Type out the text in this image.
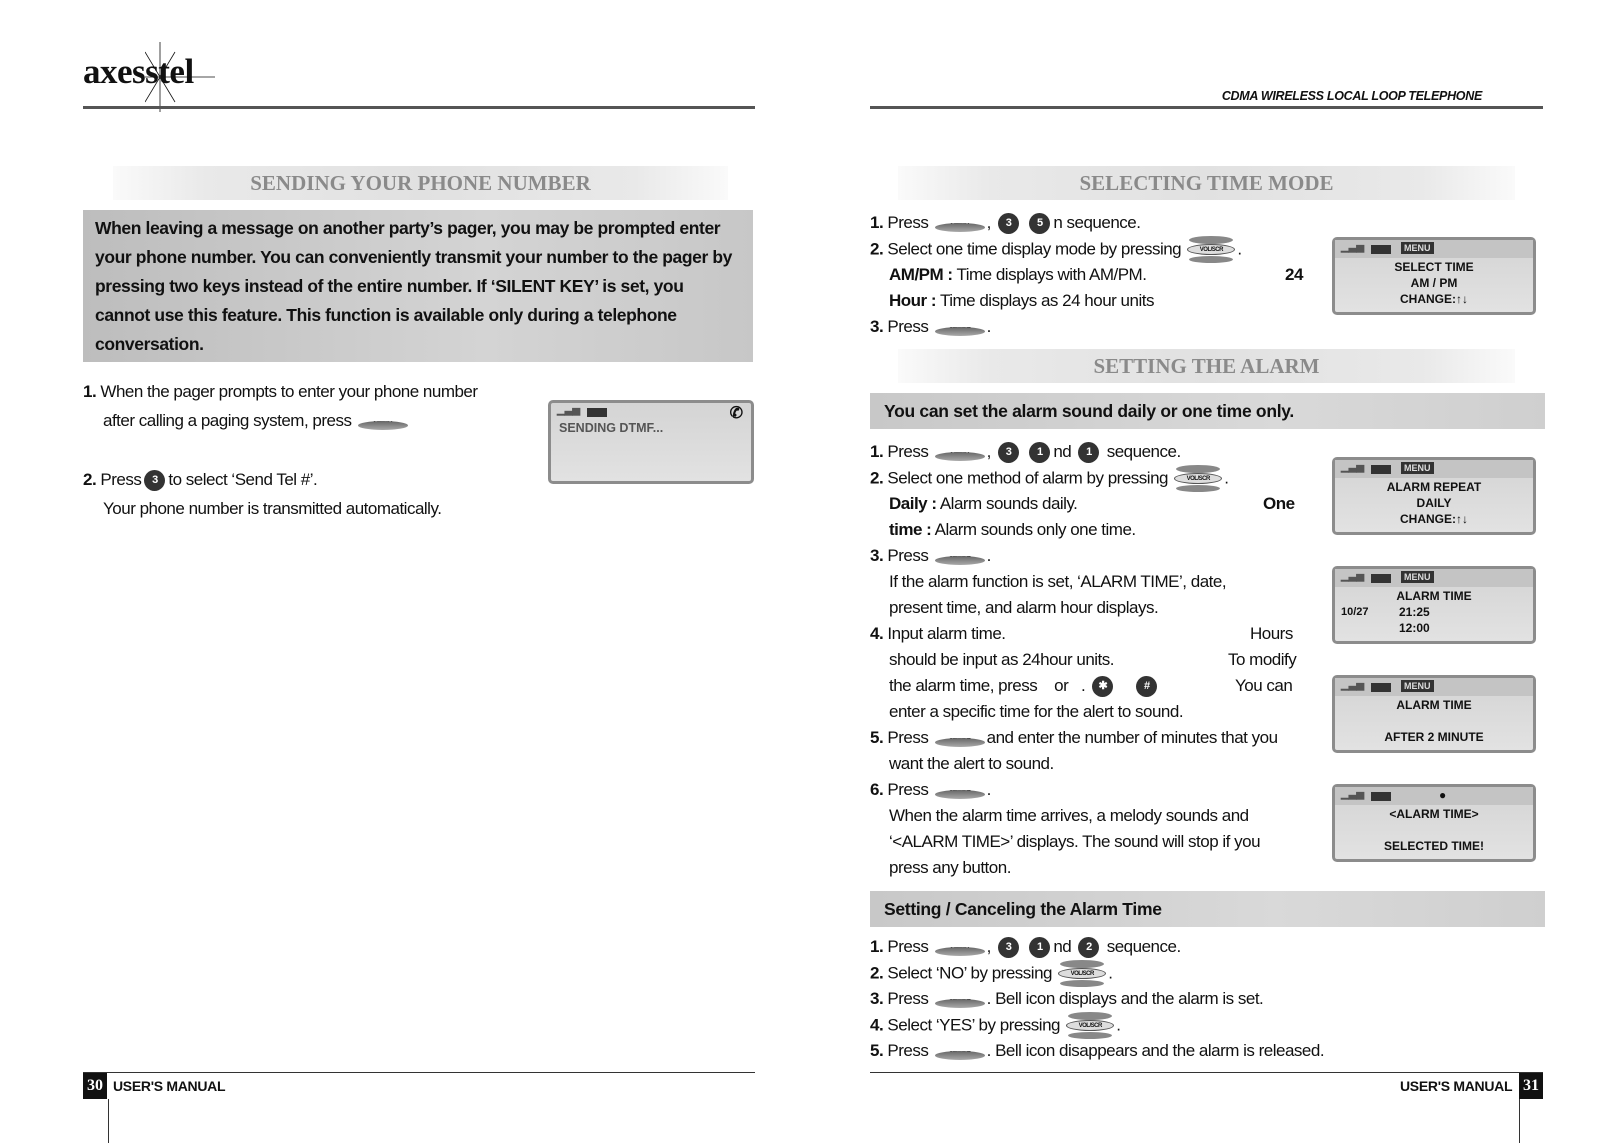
axesstel
SENDING YOUR PHONE NUMBER
When leaving a message on another party’s pager, you may be prompted enter your phone number. You can conveniently transmit your number to the pager by pressing two keys instead of the entire number. If ‘SILENT KEY’ is set, you cannot use this feature. This function is available only during a telephone conversation.
1. When the pager prompts to enter your phone number
after calling a paging system, press
2. Press 3 to select ‘Send Tel #’.
Your phone number is transmitted automatically.
▁▃▅	✆
SENDING DTMF...
30 USER'S MANUAL
CDMA WIRELESS LOCAL LOOP TELEPHONE
SELECTING TIME MODE
1. Press	, 3 5 n sequence.
2. Select one time display mode by pressing	VOL/SCR .
AM/PM : Time displays with AM/PM.	24
Hour : Time displays as 24 hour units
3. Press	.
▁▃▅	MENU
SELECT TIME
AM / PM
CHANGE:↑↓
SETTING THE ALARM
You can set the alarm sound daily or one time only.
1. Press	, 3 1 nd 1 sequence.
2. Select one method of alarm by pressing	VOL/SCR .
Daily : Alarm sounds daily.	One
time : Alarm sounds only one time.
3. Press	.
If the alarm function is set, ‘ALARM TIME’, date,
present time, and alarm hour displays.
4. Input alarm time.	Hours
should be input as 24hour units.	To modify
the alarm time, press or . ✱	#	You can
enter a specific time for the alert to sound.
5. Press	and enter the number of minutes that you
want the alert to sound.
6. Press	.
When the alarm time arrives, a melody sounds and
‘<ALARM TIME>’ displays. The sound will stop if you
press any button.
▁▃▅	MENU
ALARM REPEAT
DAILY
CHANGE:↑↓
▁▃▅	MENU
ALARM TIME
10/27	21:25
12:00
▁▃▅	MENU
ALARM TIME

AFTER 2 MINUTE
▁▃▅	●
<ALARM TIME>

SELECTED TIME!
Setting / Canceling the Alarm Time
1. Press	, 3 1 nd 2 sequence.
2. Select ‘NO’ by pressing	VOL/SCR .
3. Press	. Bell icon displays and the alarm is set.
4. Select ‘YES’ by pressing	VOL/SCR .
5. Press	. Bell icon disappears and the alarm is released.
USER'S MANUAL 31
